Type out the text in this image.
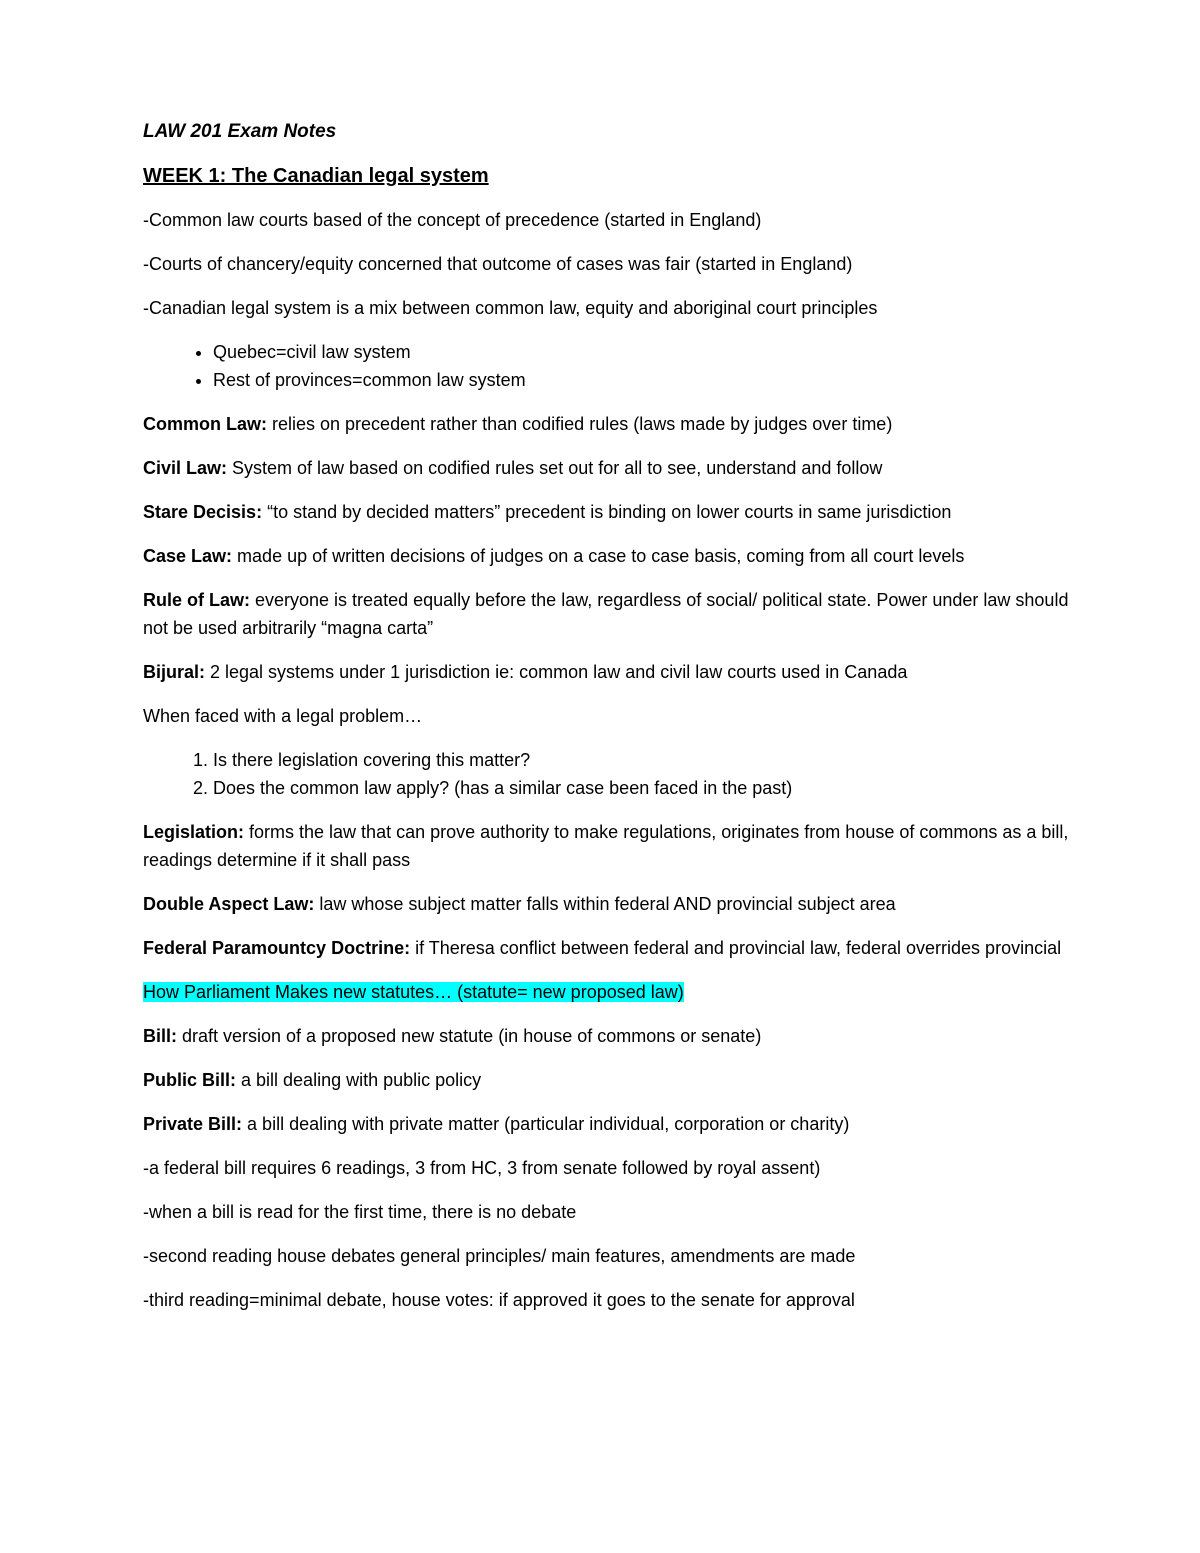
LAW 201 Exam Notes

WEEK 1: The Canadian legal system

-Common law courts based of the concept of precedence (started in England)

-Courts of chancery/equity concerned that outcome of cases was fair (started in England)

-Canadian legal system is a mix between common law, equity and aboriginal court principles

• Quebec=civil law system
• Rest of provinces=common law system

Common Law: relies on precedent rather than codified rules (laws made by judges over time)

Civil Law: System of law based on codified rules set out for all to see, understand and follow

Stare Decisis: “to stand by decided matters” precedent is binding on lower courts in same jurisdiction

Case Law: made up of written decisions of judges on a case to case basis, coming from all court levels

Rule of Law: everyone is treated equally before the law, regardless of social/ political state. Power under law should not be used arbitrarily “magna carta”

Bijural: 2 legal systems under 1 jurisdiction ie: common law and civil law courts used in Canada

When faced with a legal problem…

1. Is there legislation covering this matter?
2. Does the common law apply? (has a similar case been faced in the past)

Legislation: forms the law that can prove authority to make regulations, originates from house of commons as a bill, readings determine if it shall pass

Double Aspect Law: law whose subject matter falls within federal AND provincial subject area

Federal Paramountcy Doctrine: if Theresa conflict between federal and provincial law, federal overrides provincial

How Parliament Makes new statutes… (statute= new proposed law)

Bill: draft version of a proposed new statute (in house of commons or senate)

Public Bill: a bill dealing with public policy

Private Bill: a bill dealing with private matter (particular individual, corporation or charity)

-a federal bill requires 6 readings, 3 from HC, 3 from senate followed by royal assent)

-when a bill is read for the first time, there is no debate

-second reading house debates general principles/ main features, amendments are made

-third reading=minimal debate, house votes: if approved it goes to the senate for approval
